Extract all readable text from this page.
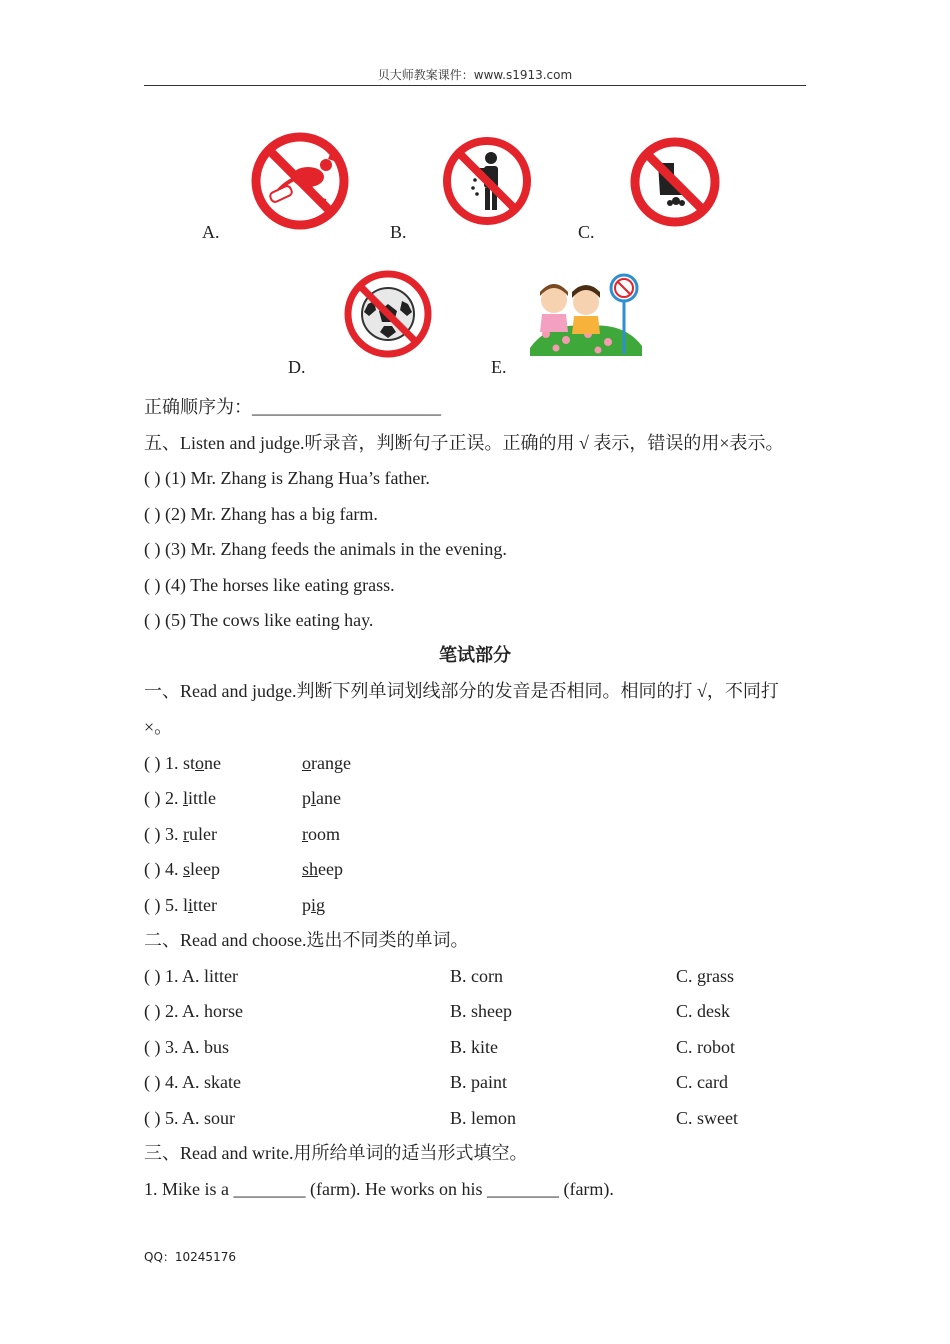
贝大师教案课件：www.s1913.com
A.	B.	C.
D.	E.
正确顺序为：_____________________
五、Listen and judge.听录音，判断句子正误。正确的用 √ 表示，错误的用×表示。
( ) (1) Mr. Zhang is Zhang Hua’s father.
( ) (2) Mr. Zhang has a big farm.
( ) (3) Mr. Zhang feeds the animals in the evening.
( ) (4) The horses like eating grass.
( ) (5) The cows like eating hay.
笔试部分
一、Read and judge.判断下列单词划线部分的发音是否相同。相同的打 √，不同打
×。
( ) 1. stone	orange
( ) 2. little	plane
( ) 3. ruler	room
( ) 4. sleep	sheep
( ) 5. litter	pig
二、Read and choose.选出不同类的单词。
( ) 1. A. litter	B. corn	C. grass
( ) 2. A. horse	B. sheep	C. desk
( ) 3. A. bus	B. kite	C. robot
( ) 4. A. skate	B. paint	C. card
( ) 5. A. sour	B. lemon	C. sweet
三、Read and write.用所给单词的适当形式填空。
1. Mike is a ________ (farm). He works on his ________ (farm).
QQ：10245176
